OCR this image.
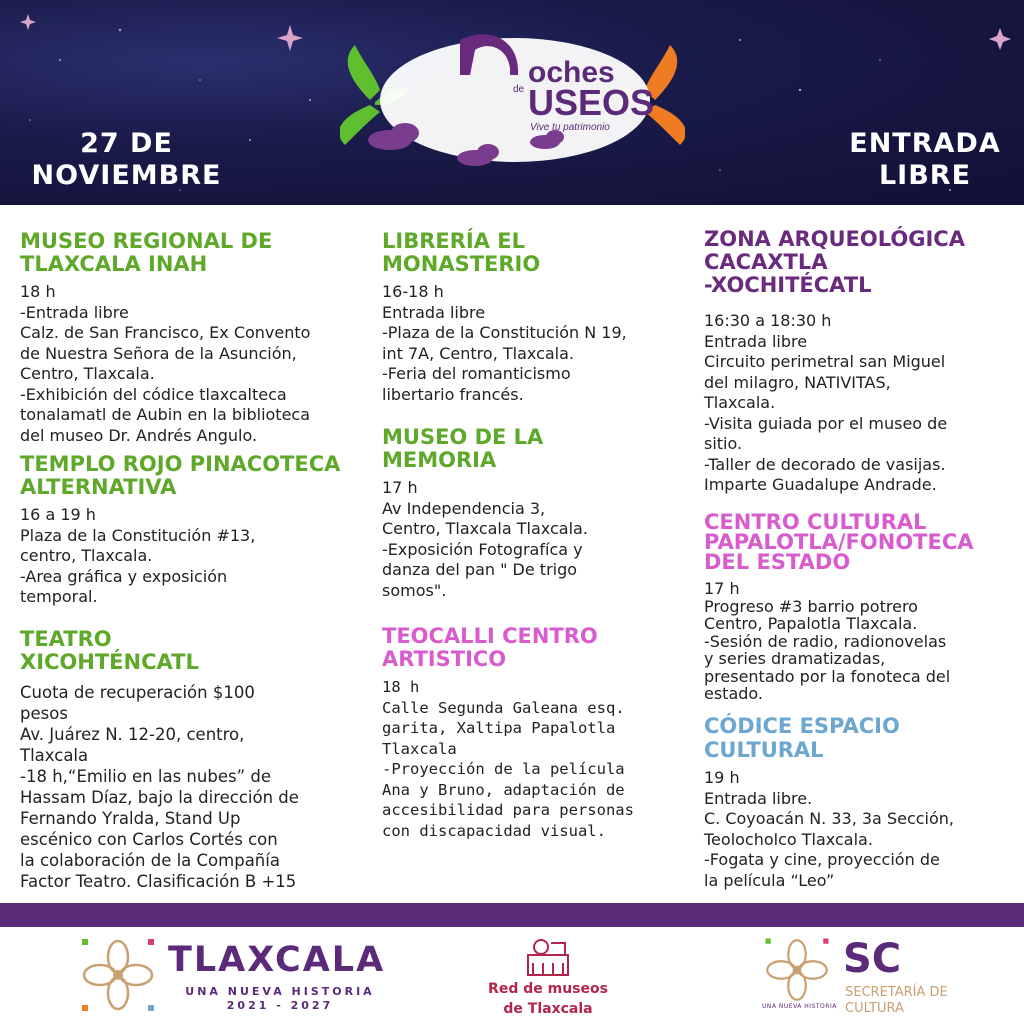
27 DE
NOVIEMBRE
ENTRADA
LIBRE
oches
de USEOS
Vive tu patrimonio

MUSEO REGIONAL DE
TLAXCALA INAH

18 h
-Entrada libre
Calz. de San Francisco, Ex Convento
de Nuestra Señora de la Asunción,
Centro, Tlaxcala.
-Exhibición del códice tlaxcalteca
tonalamatl de Aubin en la biblioteca
del museo Dr. Andrés Angulo.

TEMPLO ROJO PINACOTECA
ALTERNATIVA

16 a 19 h
Plaza de la Constitución #13,
centro, Tlaxcala.
-Area gráfica y exposición
temporal.

TEATRO
XICOHTÉNCATL

Cuota de recuperación $100
pesos
Av. Juárez N. 12-20, centro,
Tlaxcala
-18 h,“Emilio en las nubes” de
Hassam Díaz, bajo la dirección de
Fernando Yralda, Stand Up
escénico con Carlos Cortés con
la colaboración de la Compañía
Factor Teatro. Clasificación B +15

LIBRERÍA EL
MONASTERIO

16-18 h
Entrada libre
-Plaza de la Constitución N 19,
int 7A, Centro, Tlaxcala.
-Feria del romanticismo
libertario francés.

MUSEO DE LA
MEMORIA

17 h
Av Independencia 3,
Centro, Tlaxcala Tlaxcala.
-Exposición Fotografíca y
danza del pan " De trigo
somos".

TEOCALLI CENTRO
ARTISTICO

18 h
Calle Segunda Galeana esq.
garita, Xaltipa Papalotla
Tlaxcala
-Proyección de la película
Ana y Bruno, adaptación de
accesibilidad para personas
con discapacidad visual.

ZONA ARQUEOLÓGICA
CACAXTLA
-XOCHITÉCATL

16:30 a 18:30 h
Entrada libre
Circuito perimetral san Miguel
del milagro, NATIVITAS,
Tlaxcala.
-Visita guiada por el museo de
sitio.
-Taller de decorado de vasijas.
Imparte Guadalupe Andrade.

CENTRO CULTURAL
PAPALOTLA/FONOTECA
DEL ESTADO

17 h
Progreso #3 barrio potrero
Centro, Papalotla Tlaxcala.
-Sesión de radio, radionovelas
y series dramatizadas,
presentado por la fonoteca del
estado.

CÓDICE ESPACIO
CULTURAL

19 h
Entrada libre.
C. Coyoacán N. 33, 3a Sección,
Teolocholco Tlaxcala.
-Fogata y cine, proyección de
la película “Leo”

TLAXCALA
UNA NUEVA HISTORIA
2021 - 2027
Red de museos
de Tlaxcala	UNA NUEVA HISTORIA
SC
SECRETARÍA DE
CULTURA
